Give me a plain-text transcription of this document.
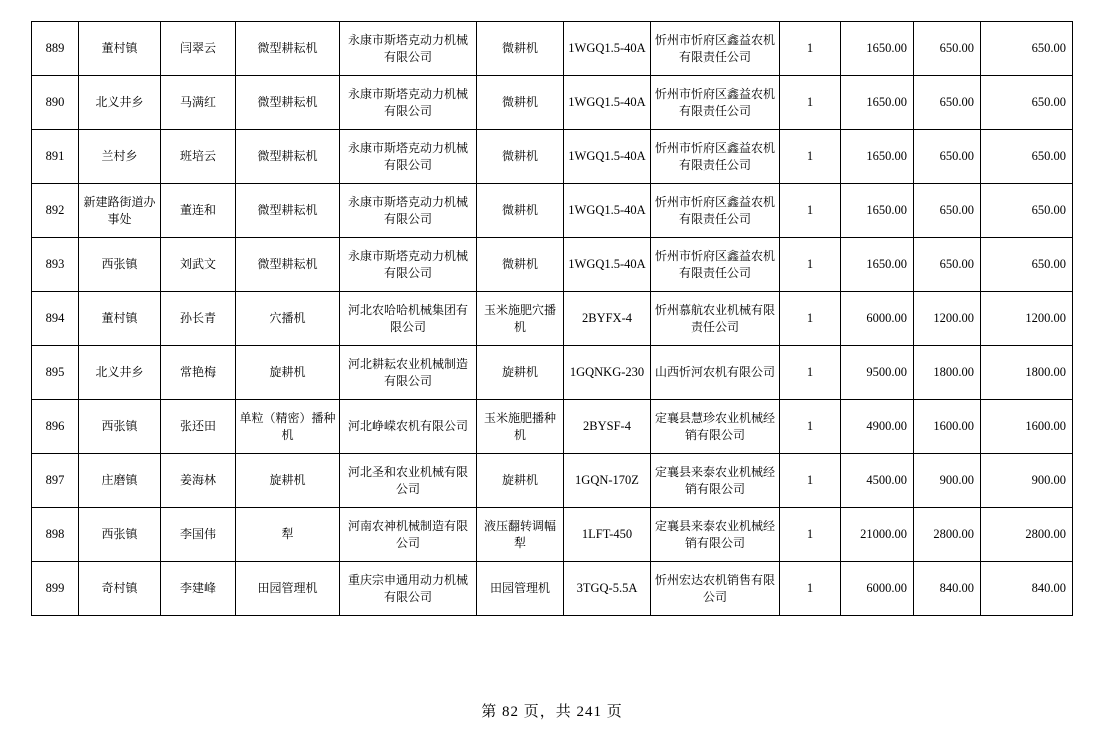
889	董村镇	闫翠云	微型耕耘机	永康市斯塔克动力机械有限公司	微耕机	1WGQ1.5-40A	忻州市忻府区鑫益农机有限责任公司	1	1650.00	650.00	650.00
890	北义井乡	马满红	微型耕耘机	永康市斯塔克动力机械有限公司	微耕机	1WGQ1.5-40A	忻州市忻府区鑫益农机有限责任公司	1	1650.00	650.00	650.00
891	兰村乡	班培云	微型耕耘机	永康市斯塔克动力机械有限公司	微耕机	1WGQ1.5-40A	忻州市忻府区鑫益农机有限责任公司	1	1650.00	650.00	650.00
892	新建路街道办事处	董连和	微型耕耘机	永康市斯塔克动力机械有限公司	微耕机	1WGQ1.5-40A	忻州市忻府区鑫益农机有限责任公司	1	1650.00	650.00	650.00
893	西张镇	刘武文	微型耕耘机	永康市斯塔克动力机械有限公司	微耕机	1WGQ1.5-40A	忻州市忻府区鑫益农机有限责任公司	1	1650.00	650.00	650.00
894	董村镇	孙长青	穴播机	河北农哈哈机械集团有限公司	玉米施肥穴播机	2BYFX-4	忻州慕航农业机械有限责任公司	1	6000.00	1200.00	1200.00
895	北义井乡	常艳梅	旋耕机	河北耕耘农业机械制造有限公司	旋耕机	1GQNKG-230	山西忻河农机有限公司	1	9500.00	1800.00	1800.00
896	西张镇	张还田	单粒（精密）播种机	河北峥嵘农机有限公司	玉米施肥播种机	2BYSF-4	定襄县慧珍农业机械经销有限公司	1	4900.00	1600.00	1600.00
897	庄磨镇	姜海林	旋耕机	河北圣和农业机械有限公司	旋耕机	1GQN-170Z	定襄县来泰农业机械经销有限公司	1	4500.00	900.00	900.00
898	西张镇	李国伟	犁	河南农神机械制造有限公司	液压翻转调幅犁	1LFT-450	定襄县来泰农业机械经销有限公司	1	21000.00	2800.00	2800.00
899	奇村镇	李建峰	田园管理机	重庆宗申通用动力机械有限公司	田园管理机	3TGQ-5.5A	忻州宏达农机销售有限公司	1	6000.00	840.00	840.00
第 82 页，共 241 页
